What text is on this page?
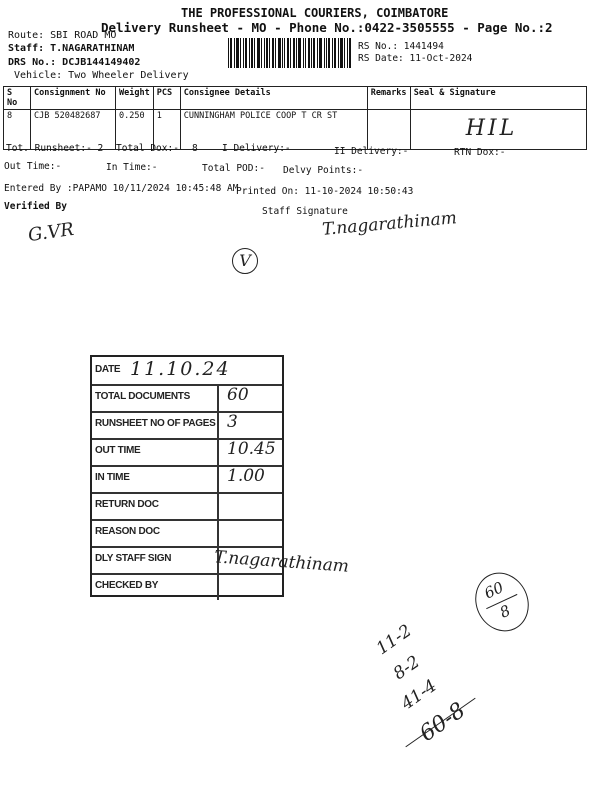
THE PROFESSIONAL COURIERS, COIMBATORE
Delivery Runsheet - MO - Phone No.:0422-3505555 - Page No.:2
Route: SBI ROAD MO
Staff: T.NAGARATHINAM
DRS No.: DCJB144149402
Vehicle: Two Wheeler Delivery
RS No.: 1441494
RS Date: 11-Oct-2024
S No	Consignment No	Weight	PCS	Consignee Details	Remarks	Seal & Signature
8	CJB 520482687	0.250	1	CUNNINGHAM POLICE COOP T CR ST		HIL
Tot. Runsheet:- 2 Total Dox:- 8	I Delivery:-	II Delivery:-	RTN Dox:-
Out Time:-	In Time:-	Total POD:- Delvy Points:-
Entered By :PAPAMO 10/11/2024 10:45:48 AM
Printed On: 11-10-2024 10:50:43
Verified By	Staff Signature
G.VR	T.nagarathinam
V
DATE 11.10.24
TOTAL DOCUMENTS 60
RUNSHEET NO OF PAGES 3
OUT TIME	10.45
IN TIME	1.00
RETURN DOC
REASON DOC
DLY STAFF SIGN
CHECKED BY
T.nagarathinam
60
8
11-2
8-2
41-4
60-8
